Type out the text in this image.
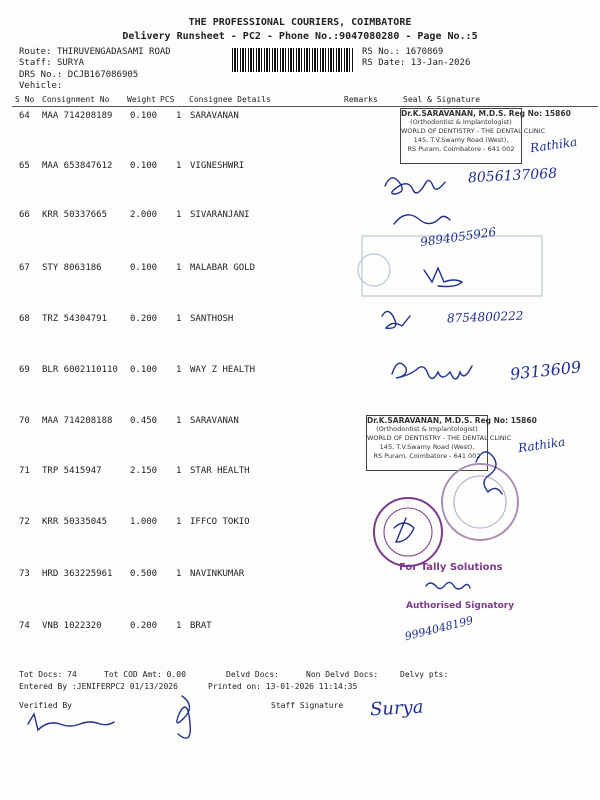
THE PROFESSIONAL COURIERS, COIMBATORE
Delivery Runsheet - PC2 - Phone No.:9047080280 - Page No.:5
Route: THIRUVENGADASAMI ROAD
Staff: SURYA
DRS No.: DCJB167086905
Vehicle:
RS No.: 1670869
RS Date: 13-Jan-2026
S No Consignment No Weight PCS Consignee Details	Remarks	Seal & Signature
64 MAA 714208189 0.100 1 SARAVANAN
65 MAA 653847612 0.100 1 VIGNESHWRI
66 KRR 50337665	2.000 1 SIVARANJANI
67 STY 8063186	0.100 1 MALABAR GOLD
68 TRZ 54304791	0.200 1 SANTHOSH
69 BLR 6002110110 0.100 1 WAY Z HEALTH
70 MAA 714208188 0.450 1 SARAVANAN
71 TRP 5415947	2.150 1 STAR HEALTH
72 KRR 50335045	1.000 1 IFFCO TOKIO
73 HRD 363225961 0.500 1 NAVINKUMAR
74 VNB 1022320	0.200 1 BRAT
Dr.K.SARAVANAN, M.D.S. Reg No: 15860
(Orthodontist & Implantologist)
WORLD OF DENTISTRY - THE DENTAL CLINIC
145, T.V.Swamy Road (West),
RS Puram, Coimbatore - 641 002
Dr.K.SARAVANAN, M.D.S. Reg No: 15860
(Orthodontist & Implantologist)
WORLD OF DENTISTRY - THE DENTAL CLINIC
145, T.V.Swamy Road (West),
RS Puram, Coimbatore - 641 002
For Tally Solutions
Authorised Signatory
Rathika
8056137068
9894055926
8754800222
9313609
Rathika
9994048199
Surya
Tot Docs: 74	Tot COD Amt: 0.00	Delvd Docs:	Non Delvd Docs:	Delvy pts:
Entered By :JENIFERPC2 01/13/2026	Printed on: 13-01-2026 11:14:35
Verified By	Staff Signature
